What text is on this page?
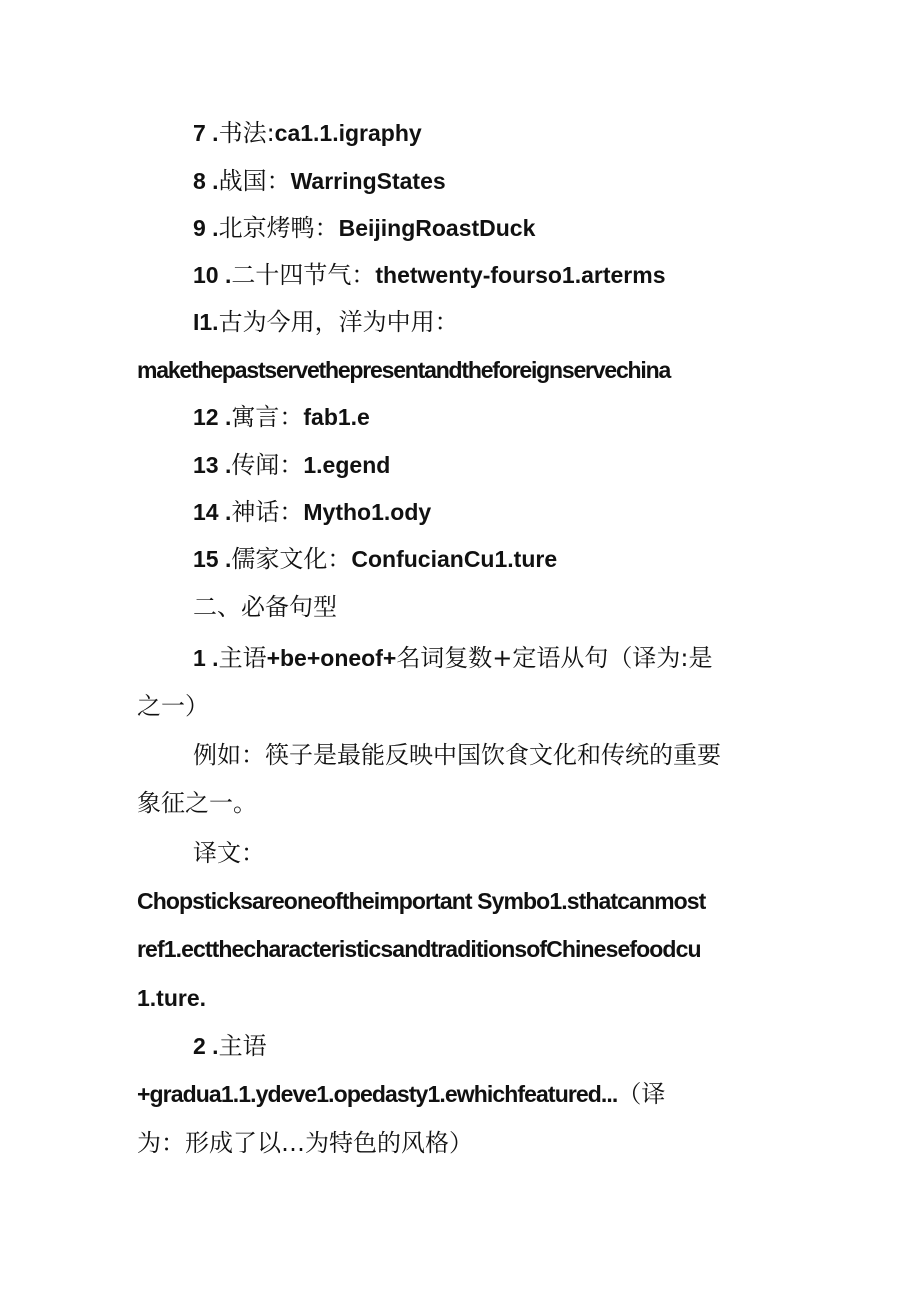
7 .书法:ca1.1.igraphy
8 .战国：WarringStates
9 .北京烤鸭：BeijingRoastDuck
10 .二十四节气：thetwenty-fourso1.arterms
I1.古为今用，洋为中用：
makethepastservethepresentandtheforeignservechina
12 .寓言：fab1.e
13 .传闻：1.egend
14 .神话：Mytho1.ody
15 .儒家文化：ConfucianCu1.ture
二、必备句型
1 .主语+be+oneof+名词复数+定语从句（译为:是
之一）
例如：筷子是最能反映中国饮食文化和传统的重要
象征之一。
译文：
Chopsticksareoneoftheimportant Symbo1.sthatcanmost
ref1.ectthecharacteristicsandtraditionsofChinesefoodcu
1.ture.
2 .主语
+gradua1.1.ydeve1.opedasty1.ewhichfeatured...（译
为：形成了以…为特色的风格）
